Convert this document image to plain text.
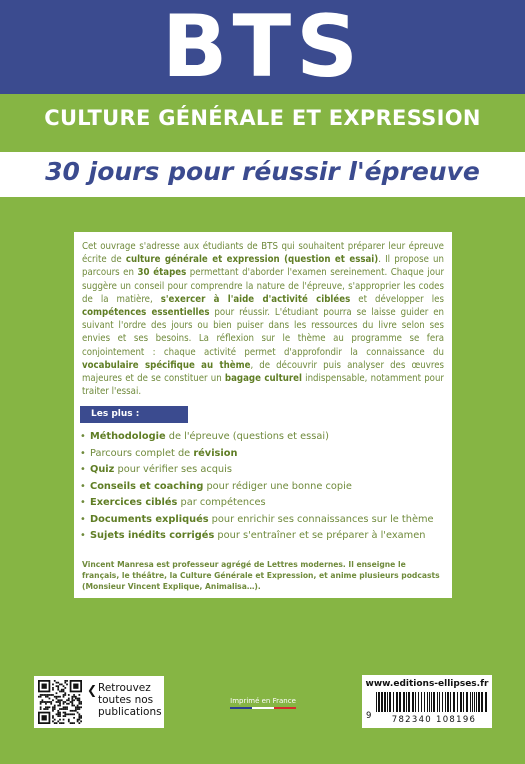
BTS
CULTURE GÉNÉRALE ET EXPRESSION
30 jours pour réussir l'épreuve
Cet ouvrage s'adresse aux étudiants de BTS qui souhaitent préparer leur épreuve écrite de culture générale et expression (question et essai). Il propose un parcours en 30 étapes permettant d'aborder l'examen sereinement. Chaque jour suggère un conseil pour comprendre la nature de l'épreuve, s'approprier les codes de la matière, s'exercer à l'aide d'activité ciblées et développer les compétences essentielles pour réussir. L'étudiant pourra se laisse guider en suivant l'ordre des jours ou bien puiser dans les ressources du livre selon ses envies et ses besoins. La réflexion sur le thème au programme se fera conjointement : chaque activité permet d'approfondir la connaissance du vocabulaire spécifique au thème, de découvrir puis analyser des œuvres majeures et de se constituer un bagage culturel indispensable, notamment pour traiter l'essai.
Les plus :
• Méthodologie de l'épreuve (questions et essai)
• Parcours complet de révision
• Quiz pour vérifier ses acquis
• Conseils et coaching pour rédiger une bonne copie
• Exercices ciblés par compétences
• Documents expliqués pour enrichir ses connaissances sur le thème
• Sujets inédits corrigés pour s'entraîner et se préparer à l'examen
Vincent Manresa est professeur agrégé de Lettres modernes. Il enseigne le français, le théâtre, la Culture Générale et Expression, et anime plusieurs podcasts (Monsieur Vincent Explique, Animalisa…).
❮ Retrouvez toutes nos publications
Imprimé en France
www.editions-ellipses.fr
9	782340 108196
